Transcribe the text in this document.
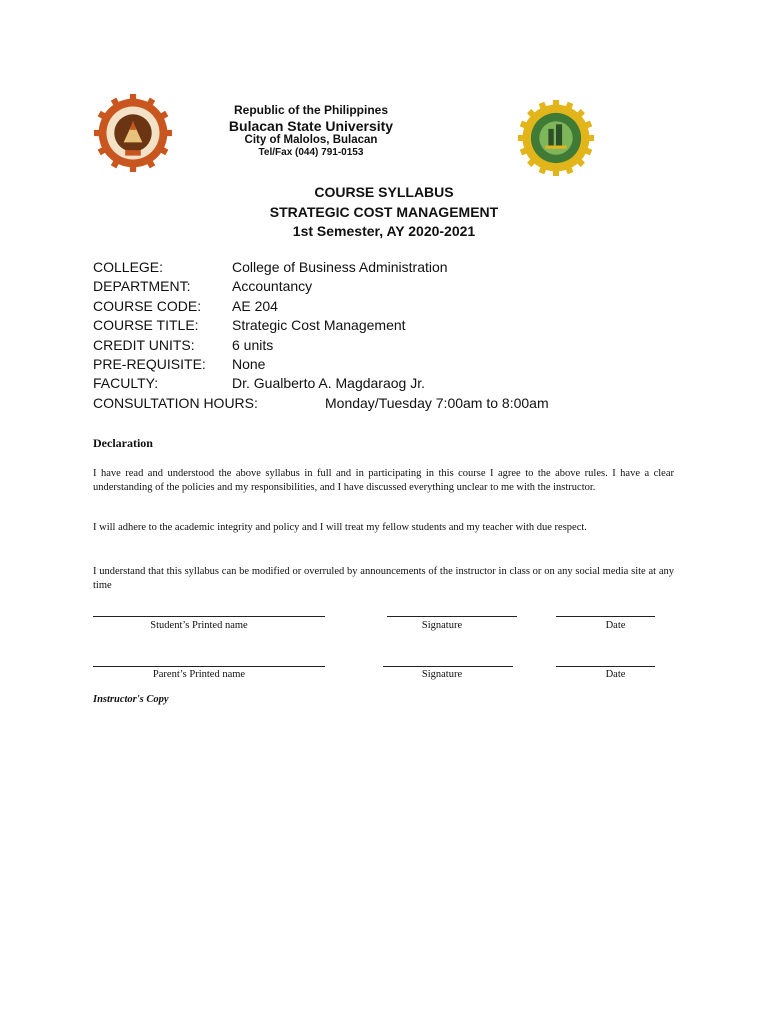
Republic of the Philippines
Bulacan State University
City of Malolos, Bulacan
Tel/Fax (044) 791-0153
COURSE SYLLABUS
STRATEGIC COST MANAGEMENT
1st Semester, AY 2020-2021
COLLEGE:	College of Business Administration
DEPARTMENT:	Accountancy
COURSE CODE: AE 204
COURSE TITLE: Strategic Cost Management
CREDIT UNITS:	6 units
PRE-REQUISITE: None
FACULTY:	Dr. Gualberto A. Magdaraog Jr.
CONSULTATION HOURS:	Monday/Tuesday 7:00am to 8:00am
Declaration
I have read and understood the above syllabus in full and in participating in this course I agree to the above rules. I have a clear understanding of the policies and my responsibilities, and I have discussed everything unclear to me with the instructor.
I will adhere to the academic integrity and policy and I will treat my fellow students and my teacher with due respect.
I understand that this syllabus can be modified or overruled by announcements of the instructor in class or on any social media site at any time
Student’s Printed name	Signature	Date
Parent’s Printed name	Signature	Date
Instructor's Copy
